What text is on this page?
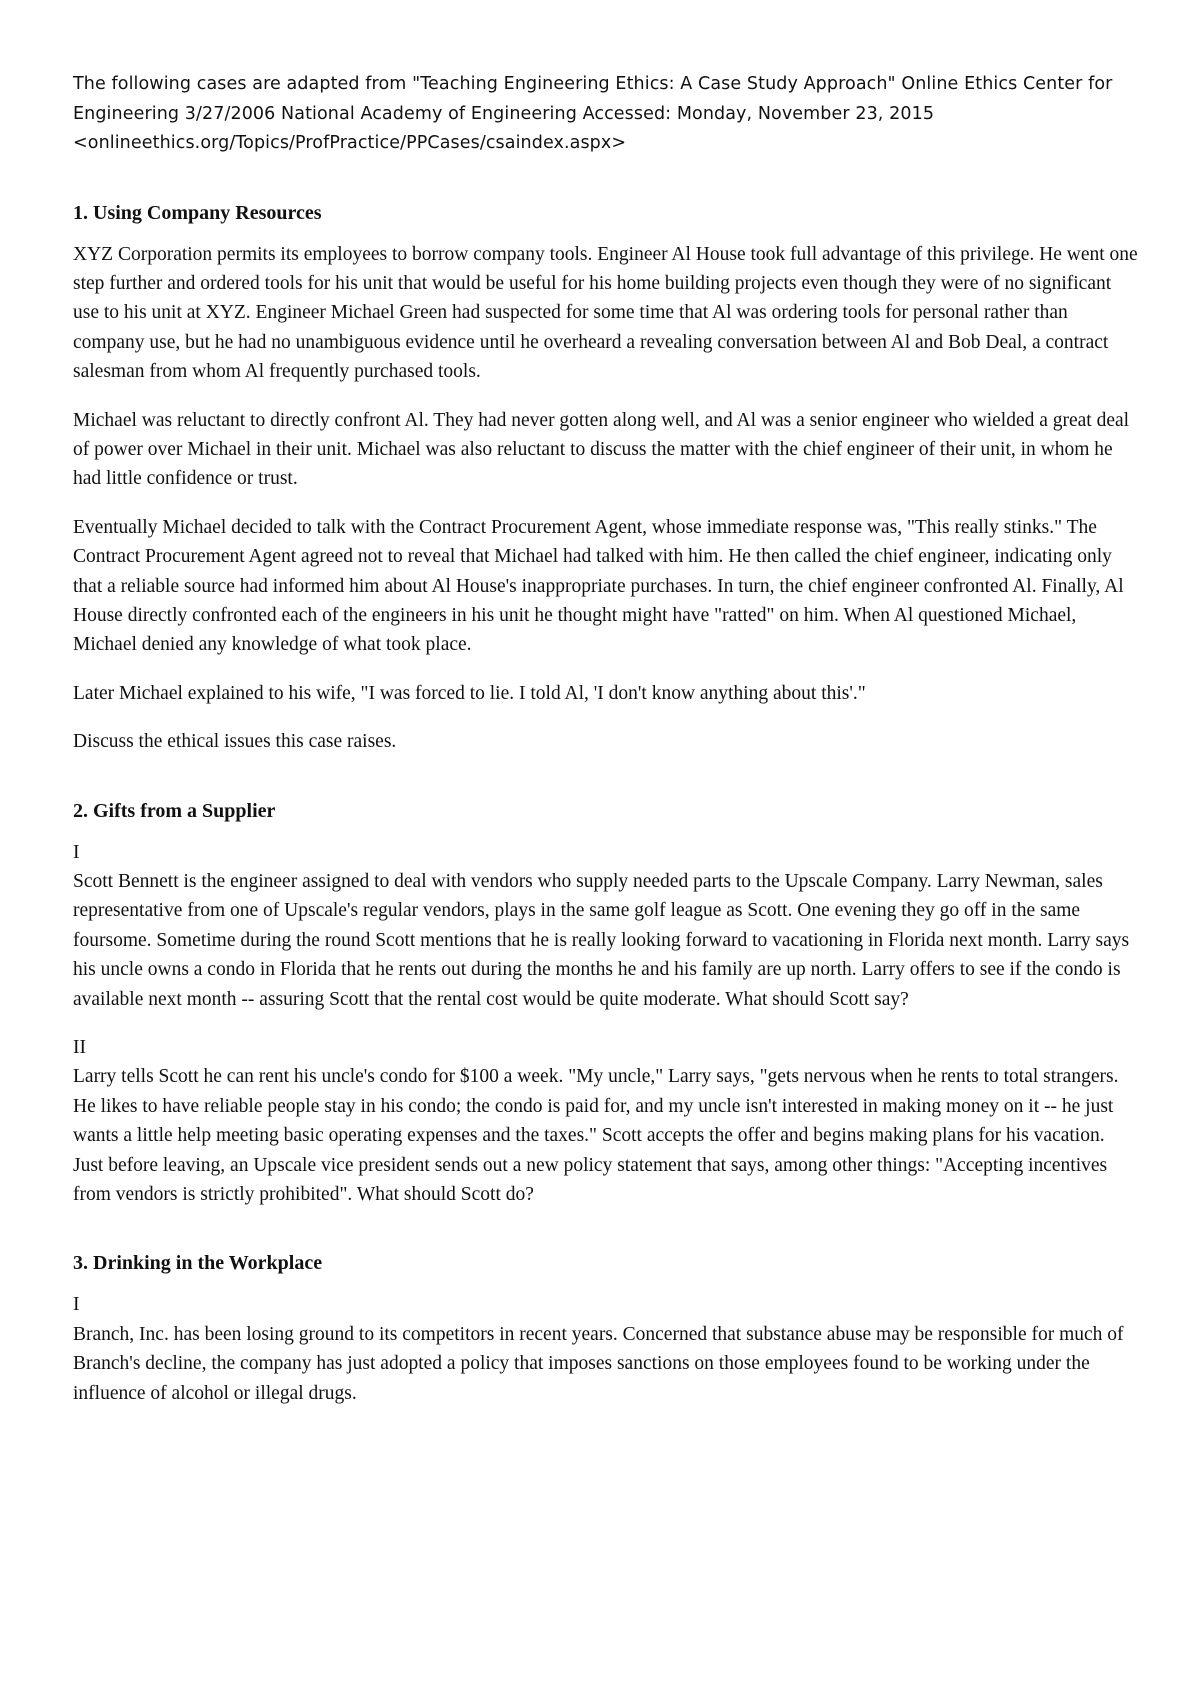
The following cases are adapted from "Teaching Engineering Ethics: A Case Study Approach" Online Ethics Center for
Engineering 3/27/2006 National Academy of Engineering Accessed: Monday, November 23, 2015
<onlineethics.org/Topics/ProfPractice/PPCases/csaindex.aspx>
1. Using Company Resources

XYZ Corporation permits its employees to borrow company tools. Engineer Al House took full advantage of this privilege. He went one step further and ordered tools for his unit that would be useful for his home building projects even though they were of no significant use to his unit at XYZ. Engineer Michael Green had suspected for some time that Al was ordering tools for personal rather than company use, but he had no unambiguous evidence until he overheard a revealing conversation between Al and Bob Deal, a contract salesman from whom Al frequently purchased tools.

Michael was reluctant to directly confront Al. They had never gotten along well, and Al was a senior engineer who wielded a great deal of power over Michael in their unit. Michael was also reluctant to discuss the matter with the chief engineer of their unit, in whom he had little confidence or trust.

Eventually Michael decided to talk with the Contract Procurement Agent, whose immediate response was, "This really stinks." The Contract Procurement Agent agreed not to reveal that Michael had talked with him. He then called the chief engineer, indicating only that a reliable source had informed him about Al House's inappropriate purchases. In turn, the chief engineer confronted Al. Finally, Al House directly confronted each of the engineers in his unit he thought might have "ratted" on him. When Al questioned Michael, Michael denied any knowledge of what took place.

Later Michael explained to his wife, "I was forced to lie. I told Al, 'I don't know anything about this'."

Discuss the ethical issues this case raises.

2. Gifts from a Supplier

I

Scott Bennett is the engineer assigned to deal with vendors who supply needed parts to the Upscale Company. Larry Newman, sales representative from one of Upscale's regular vendors, plays in the same golf league as Scott. One evening they go off in the same foursome. Sometime during the round Scott mentions that he is really looking forward to vacationing in Florida next month. Larry says his uncle owns a condo in Florida that he rents out during the months he and his family are up north. Larry offers to see if the condo is available next month -- assuring Scott that the rental cost would be quite moderate. What should Scott say?

II

Larry tells Scott he can rent his uncle's condo for $100 a week. "My uncle," Larry says, "gets nervous when he rents to total strangers. He likes to have reliable people stay in his condo; the condo is paid for, and my uncle isn't interested in making money on it -- he just wants a little help meeting basic operating expenses and the taxes." Scott accepts the offer and begins making plans for his vacation. Just before leaving, an Upscale vice president sends out a new policy statement that says, among other things: "Accepting incentives from vendors is strictly prohibited". What should Scott do?

3. Drinking in the Workplace

I

Branch, Inc. has been losing ground to its competitors in recent years. Concerned that substance abuse may be responsible for much of Branch's decline, the company has just adopted a policy that imposes sanctions on those employees found to be working under the influence of alcohol or illegal drugs.
